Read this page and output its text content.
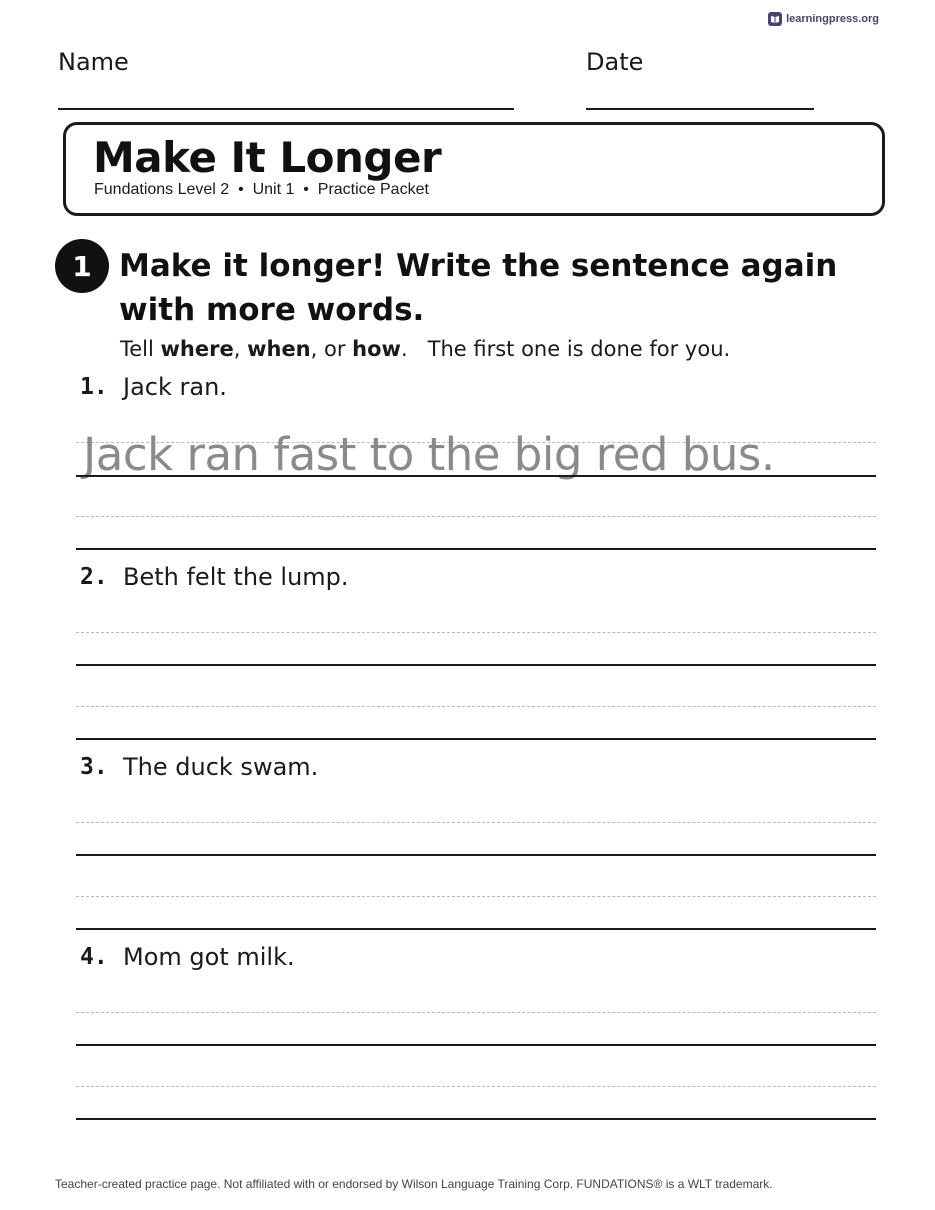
learningpress.org
Name	Date
Make It Longer
Fundations Level 2  •  Unit 1  •  Practice Packet
1 Make it longer! Write the sentence again with more words.
Tell where, when, or how.   The first one is done for you.
1. Jack ran.
Jack ran fast to the big red bus.
2. Beth felt the lump.
3. The duck swam.
4. Mom got milk.
Teacher-created practice page. Not affiliated with or endorsed by Wilson Language Training Corp. FUNDATIONS® is a WLT trademark.
